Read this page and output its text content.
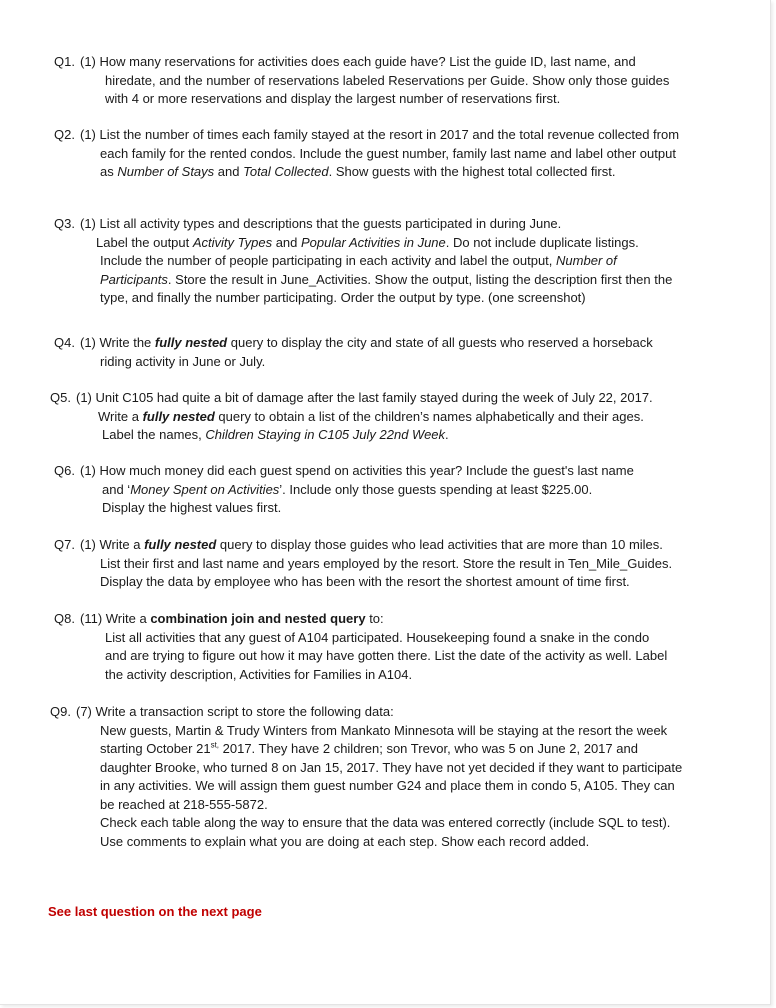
Q1. (1) How many reservations for activities does each guide have? List the guide ID, last name, and
hiredate, and the number of reservations labeled Reservations per Guide. Show only those guides
with 4 or more reservations and display the largest number of reservations first.
Q2. (1) List the number of times each family stayed at the resort in 2017 and the total revenue collected from
each family for the rented condos. Include the guest number, family last name and label other output
as Number of Stays and Total Collected. Show guests with the highest total collected first.
Q3. (1) List all activity types and descriptions that the guests participated in during June.
Label the output Activity Types and Popular Activities in June. Do not include duplicate listings.
Include the number of people participating in each activity and label the output, Number of
Participants. Store the result in June_Activities. Show the output, listing the description first then the
type, and finally the number participating. Order the output by type. (one screenshot)
Q4. (1) Write the fully nested query to display the city and state of all guests who reserved a horseback
riding activity in June or July.
Q5. (1) Unit C105 had quite a bit of damage after the last family stayed during the week of July 22, 2017.
Write a fully nested query to obtain a list of the children’s names alphabetically and their ages.
Label the names, Children Staying in C105 July 22nd Week.
Q6. (1) How much money did each guest spend on activities this year? Include the guest's last name
and ‘Money Spent on Activities’. Include only those guests spending at least $225.00.
Display the highest values first.
Q7. (1) Write a fully nested query to display those guides who lead activities that are more than 10 miles.
List their first and last name and years employed by the resort. Store the result in Ten_Mile_Guides.
Display the data by employee who has been with the resort the shortest amount of time first.
Q8. (11) Write a combination join and nested query to:
List all activities that any guest of A104 participated. Housekeeping found a snake in the condo
and are trying to figure out how it may have gotten there. List the date of the activity as well. Label
the activity description, Activities for Families in A104.
Q9. (7) Write a transaction script to store the following data:
New guests, Martin & Trudy Winters from Mankato Minnesota will be staying at the resort the week
starting October $21^{st,}$ 2017. They have 2 children; son Trevor, who was 5 on June 2, 2017 and
daughter Brooke, who turned 8 on Jan 15, 2017. They have not yet decided if they want to participate
in any activities. We will assign them guest number G24 and place them in condo 5, A105. They can
be reached at 218-555-5872.
Check each table along the way to ensure that the data was entered correctly (include SQL to test).
Use comments to explain what you are doing at each step. Show each record added.
See last question on the next page
